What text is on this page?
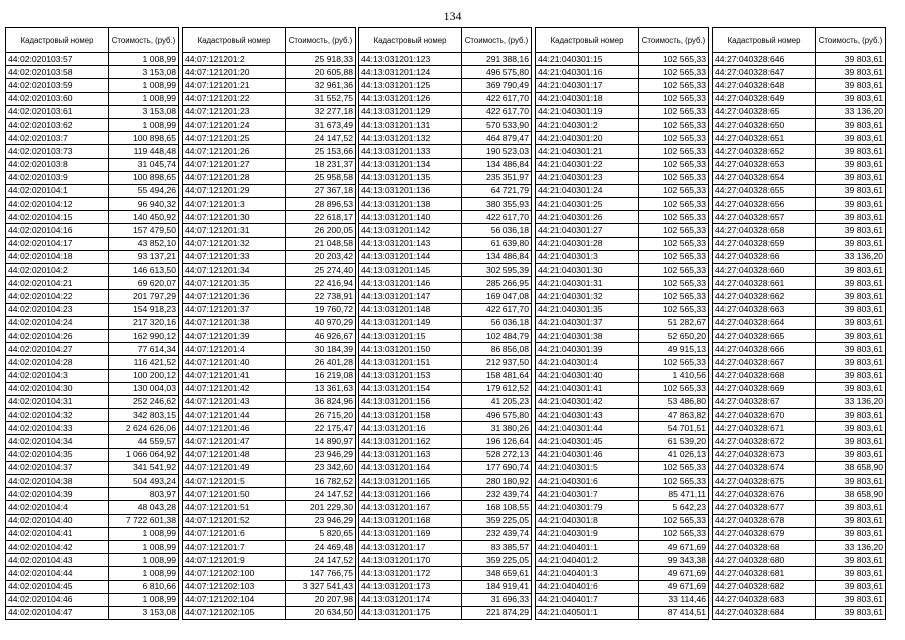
134
Кадастровый номер	Стоимость, (руб.)
44:02:020103:57	1 008,99
44:02:020103:58	3 153,08
44:02:020103:59	1 008,99
44:02:020103:60	1 008,99
44:02:020103:61	3 153,08
44:02:020103:62	1 008,99
44:02:020103:7	100 898,65
44:02:020103:73	119 448,48
44:02:020103:8	31 045,74
44:02:020103:9	100 898,65
44:02:020104:1	55 494,26
44:02:020104:12	96 940,32
44:02:020104:15	140 450,92
44:02:020104:16	157 479,50
44:02:020104:17	43 852,10
44:02:020104:18	93 137,21
44:02:020104:2	146 613,50
44:02:020104:21	69 620,07
44:02:020104:22	201 797,29
44:02:020104:23	154 918,23
44:02:020104:24	217 320,16
44:02:020104:26	162 990,12
44:02:020104:27	77 614,34
44:02:020104:28	116 421,52
44:02:020104:3	100 200,12
44:02:020104:30	130 004,03
44:02:020104:31	252 246,62
44:02:020104:32	342 803,15
44:02:020104:33	2 624 626,06
44:02:020104:34	44 559,57
44:02:020104:35	1 066 064,92
44:02:020104:37	341 541,92
44:02:020104:38	504 493,24
44:02:020104:39	803,97
44:02:020104:4	48 043,28
44:02:020104:40	7 722 601,38
44:02:020104:41	1 008,99
44:02:020104:42	1 008,99
44:02:020104:43	1 008,99
44:02:020104:44	1 008,99
44:02:020104:45	6 810,66
44:02:020104:46	1 008,99
44:02:020104:47	3 153,08
Кадастровый номер	Стоимость, (руб.)
44:07:121201:2	25 918,33
44:07:121201:20	20 605,88
44:07:121201:21	32 961,36
44:07:121201:22	31 552,75
44:07:121201:23	32 277,18
44:07:121201:24	31 673,49
44:07:121201:25	24 147,52
44:07:121201:26	25 153,66
44:07:121201:27	18 231,37
44:07:121201:28	25 958,58
44:07:121201:29	27 367,18
44:07:121201:3	28 896,53
44:07:121201:30	22 618,17
44:07:121201:31	26 200,05
44:07:121201:32	21 048,58
44:07:121201:33	20 203,42
44:07:121201:34	25 274,40
44:07:121201:35	22 416,94
44:07:121201:36	22 738,91
44:07:121201:37	19 760,72
44:07:121201:38	40 970,29
44:07:121201:39	46 926,67
44:07:121201:4	30 184,39
44:07:121201:40	26 401,28
44:07:121201:41	16 219,08
44:07:121201:42	13 361,63
44:07:121201:43	36 824,96
44:07:121201:44	26 715,20
44:07:121201:46	22 175,47
44:07:121201:47	14 890,97
44:07:121201:48	23 946,29
44:07:121201:49	23 342,60
44:07:121201:5	16 782,52
44:07:121201:50	24 147,52
44:07:121201:51	201 229,30
44:07:121201:52	23 946,29
44:07:121201:6	5 820,65
44:07:121201:7	24 469,48
44:07:121201:9	24 147,52
44:07:121202:100	147 766,75
44:07:121202:103	3 327 541,43
44:07:121202:104	20 207,98
44:07:121202:105	20 634,50
Кадастровый номер	Стоимость, (руб.)
44:13:031201:123	291 388,16
44:13:031201:124	496 575,80
44:13:031201:125	369 790,49
44:13:031201:126	422 617,70
44:13:031201:129	422 617,70
44:13:031201:131	570 533,90
44:13:031201:132	464 879,47
44:13:031201:133	190 523,03
44:13:031201:134	134 486,84
44:13:031201:135	235 351,97
44:13:031201:136	64 721,79
44:13:031201:138	380 355,93
44:13:031201:140	422 617,70
44:13:031201:142	56 036,18
44:13:031201:143	61 639,80
44:13:031201:144	134 486,84
44:13:031201:145	302 595,39
44:13:031201:146	285 266,95
44:13:031201:147	169 047,08
44:13:031201:148	422 617,70
44:13:031201:149	56 036,18
44:13:031201:15	102 484,79
44:13:031201:150	86 856,08
44:13:031201:151	212 937,50
44:13:031201:153	158 481,64
44:13:031201:154	179 612,52
44:13:031201:156	41 205,23
44:13:031201:158	496 575,80
44:13:031201:16	31 380,26
44:13:031201:162	196 126,64
44:13:031201:163	528 272,13
44:13:031201:164	177 690,74
44:13:031201:165	280 180,92
44:13:031201:166	232 439,74
44:13:031201:167	168 108,55
44:13:031201:168	359 225,05
44:13:031201:169	232 439,74
44:13:031201:17	83 385,57
44:13:031201:170	359 225,05
44:13:031201:172	348 659,61
44:13:031201:173	184 919,41
44:13:031201:174	31 696,33
44:13:031201:175	221 874,29
Кадастровый номер	Стоимость, (руб.)
44:21:040301:15	102 565,33
44:21:040301:16	102 565,33
44:21:040301:17	102 565,33
44:21:040301:18	102 565,33
44:21:040301:19	102 565,33
44:21:040301:2	102 565,33
44:21:040301:20	102 565,33
44:21:040301:21	102 565,33
44:21:040301:22	102 565,33
44:21:040301:23	102 565,33
44:21:040301:24	102 565,33
44:21:040301:25	102 565,33
44:21:040301:26	102 565,33
44:21:040301:27	102 565,33
44:21:040301:28	102 565,33
44:21:040301:3	102 565,33
44:21:040301:30	102 565,33
44:21:040301:31	102 565,33
44:21:040301:32	102 565,33
44:21:040301:35	102 565,33
44:21:040301:37	51 282,67
44:21:040301:38	52 650,20
44:21:040301:39	49 915,13
44:21:040301:4	102 565,33
44:21:040301:40	1 410,56
44:21:040301:41	102 565,33
44:21:040301:42	53 486,80
44:21:040301:43	47 863,82
44:21:040301:44	54 701,51
44:21:040301:45	61 539,20
44:21:040301:46	41 026,13
44:21:040301:5	102 565,33
44:21:040301:6	102 565,33
44:21:040301:7	85 471,11
44:21:040301:79	5 642,23
44:21:040301:8	102 565,33
44:21:040301:9	102 565,33
44:21:040401:1	49 671,69
44:21:040401:2	99 343,38
44:21:040401:3	49 671,69
44:21:040401:6	49 671,69
44:21:040401:7	33 114,46
44:21:040501:1	87 414,51
Кадастровый номер	Стоимость, (руб.)
44:27:040328:646	39 803,61
44:27:040328:647	39 803,61
44:27:040328:648	39 803,61
44:27:040328:649	39 803,61
44:27:040328:65	33 136,20
44:27:040328:650	39 803,61
44:27:040328:651	39 803,61
44:27:040328:652	39 803,61
44:27:040328:653	39 803,61
44:27:040328:654	39 803,61
44:27:040328:655	39 803,61
44:27:040328:656	39 803,61
44:27:040328:657	39 803,61
44:27:040328:658	39 803,61
44:27:040328:659	39 803,61
44:27:040328:66	33 136,20
44:27:040328:660	39 803,61
44:27:040328:661	39 803,61
44:27:040328:662	39 803,61
44:27:040328:663	39 803,61
44:27:040328:664	39 803,61
44:27:040328:665	39 803,61
44:27:040328:666	39 803,61
44:27:040328:667	39 803,61
44:27:040328:668	39 803,61
44:27:040328:669	39 803,61
44:27:040328:67	33 136,20
44:27:040328:670	39 803,61
44:27:040328:671	39 803,61
44:27:040328:672	39 803,61
44:27:040328:673	39 803,61
44:27:040328:674	38 658,90
44:27:040328:675	39 803,61
44:27:040328:676	38 658,90
44:27:040328:677	39 803,61
44:27:040328:678	39 803,61
44:27:040328:679	39 803,61
44:27:040328:68	33 136,20
44:27:040328:680	39 803,61
44:27:040328:681	39 803,61
44:27:040328:682	39 803,61
44:27:040328:683	39 803,61
44:27:040328:684	39 803,61
